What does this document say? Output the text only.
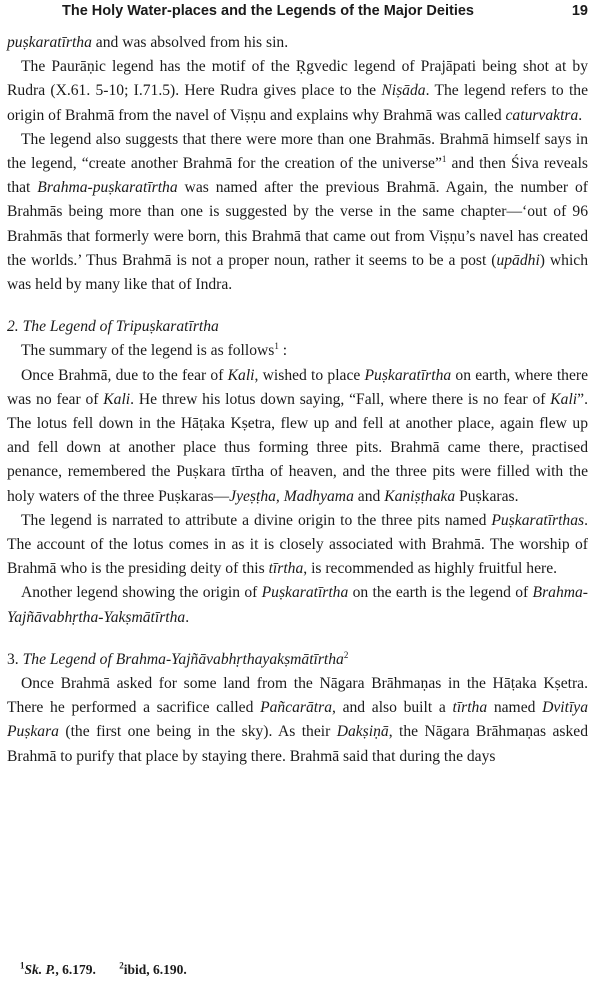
The Holy Water-places and the Legends of the Major Deities	19

puṣkaratīrtha and was absolved from his sin.

The Paurāṇic legend has the motif of the Ṛgvedic legend of Prajāpati being shot at by Rudra (X.61. 5-10; I.71.5). Here Rudra gives place to the Niṣāda. The legend refers to the origin of Brahmā from the navel of Viṣṇu and explains why Brahmā was called caturvaktra.

The legend also suggests that there were more than one Brahmās. Brahmā himself says in the legend, “create another Brahmā for the creation of the universe”$^1$ and then Śiva reveals that Brahma-puṣkaratīrtha was named after the previous Brahmā. Again, the number of Brahmās being more than one is suggested by the verse in the same chapter—‘out of 96 Brahmās that formerly were born, this Brahmā that came out from Viṣṇu’s navel has created the worlds.’ Thus Brahmā is not a proper noun, rather it seems to be a post (upādhi) which was held by many like that of Indra.

2. The Legend of Tripuṣkaratīrtha

The summary of the legend is as follows$^1$ :

Once Brahmā, due to the fear of Kali, wished to place Puṣkaratīrtha on earth, where there was no fear of Kali. He threw his lotus down saying, “Fall, where there is no fear of Kali”. The lotus fell down in the Hāṭaka Kṣetra, flew up and fell at another place, again flew up and fell down at another place thus forming three pits. Brahmā came there, practised penance, remembered the Puṣkara tīrtha of heaven, and the three pits were filled with the holy waters of the three Puṣkaras—Jyeṣṭha, Madhyama and Kaniṣṭhaka Puṣkaras.

The legend is narrated to attribute a divine origin to the three pits named Puṣkaratīrthas. The account of the lotus comes in as it is closely associated with Brahmā. The worship of Brahmā who is the presiding deity of this tīrtha, is recommended as highly fruitful here.

Another legend showing the origin of Puṣkaratīrtha on the earth is the legend of Brahma-Yajñāvabhṛtha-Yakṣmātīrtha.

3. The Legend of Brahma-Yajñāvabhṛthayakṣmātīrtha$^2$

Once Brahmā asked for some land from the Nāgara Brāhmaṇas in the Hāṭaka Kṣetra. There he performed a sacrifice called Pañcarātra, and also built a tīrtha named Dvitīya Puṣkara (the first one being in the sky). As their Dakṣiṇā, the Nāgara Brāhmaṇas asked Brahmā to purify that place by staying there. Brahmā said that during the days

$^1$Sk. P., 6.179.	$^2$ibid, 6.190.
